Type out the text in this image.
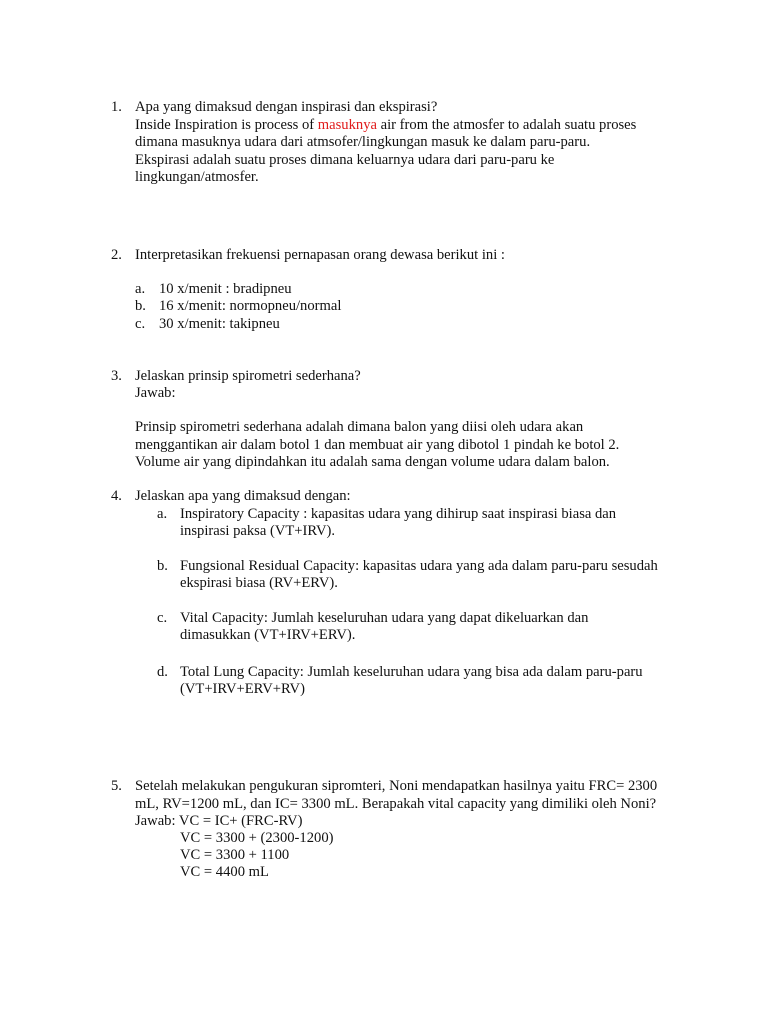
1. Apa yang dimaksud dengan inspirasi dan ekspirasi?
Inside Inspiration is process of masuknya air from the atmosfer to adalah suatu proses
dimana masuknya udara dari atmsofer/lingkungan masuk ke dalam paru-paru.
Ekspirasi adalah suatu proses dimana keluarnya udara dari paru-paru ke
lingkungan/atmosfer.
2. Interpretasikan frekuensi pernapasan orang dewasa berikut ini :
a. 10 x/menit : bradipneu
b. 16 x/menit: normopneu/normal
c. 30 x/menit: takipneu
3. Jelaskan prinsip spirometri sederhana?
Jawab:
Prinsip spirometri sederhana adalah dimana balon yang diisi oleh udara akan
menggantikan air dalam botol 1 dan membuat air yang dibotol 1 pindah ke botol 2.
Volume air yang dipindahkan itu adalah sama dengan volume udara dalam balon.
4. Jelaskan apa yang dimaksud dengan:
a. Inspiratory Capacity : kapasitas udara yang dihirup saat inspirasi biasa dan
inspirasi paksa (VT+IRV).
b. Fungsional Residual Capacity: kapasitas udara yang ada dalam paru-paru sesudah
ekspirasi biasa (RV+ERV).
c. Vital Capacity: Jumlah keseluruhan udara yang dapat dikeluarkan dan
dimasukkan (VT+IRV+ERV).
d. Total Lung Capacity: Jumlah keseluruhan udara yang bisa ada dalam paru-paru
(VT+IRV+ERV+RV)
5. Setelah melakukan pengukuran sipromteri, Noni mendapatkan hasilnya yaitu FRC= 2300
mL, RV=1200 mL, dan IC= 3300 mL. Berapakah vital capacity yang dimiliki oleh Noni?
Jawab: VC = IC+ (FRC-RV)
VC = 3300 + (2300-1200)
VC = 3300 + 1100
VC = 4400 mL
